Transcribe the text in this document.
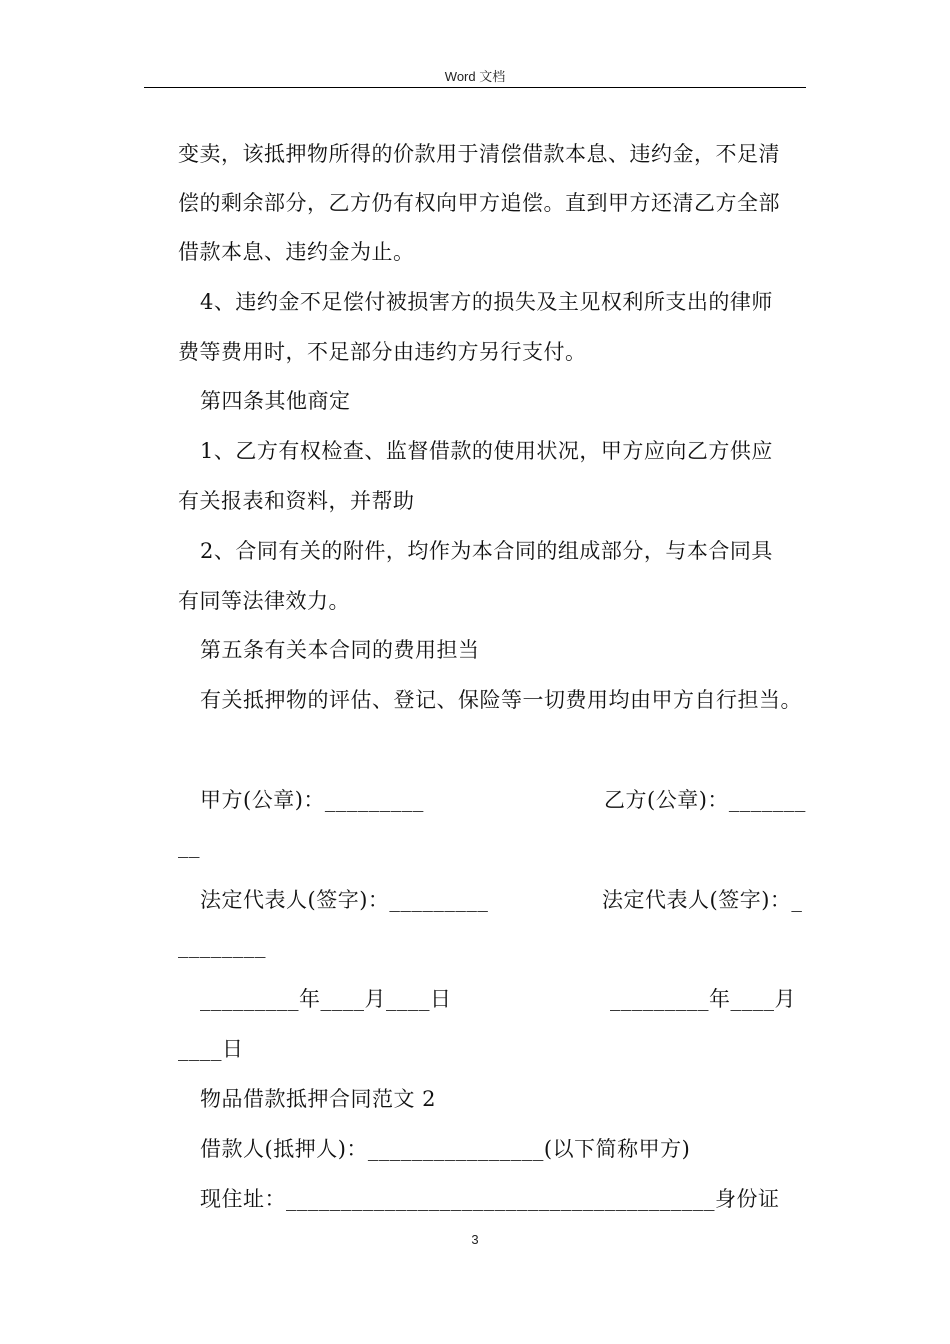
Word 文档
变卖，该抵押物所得的价款用于清偿借款本息、违约金，不足清
偿的剩余部分，乙方仍有权向甲方追偿。直到甲方还清乙方全部
借款本息、违约金为止。
4、违约金不足偿付被损害方的损失及主见权利所支出的律师
费等费用时，不足部分由违约方另行支付。
第四条其他商定
1、乙方有权检查、监督借款的使用状况，甲方应向乙方供应
有关报表和资料，并帮助
2、合同有关的附件，均作为本合同的组成部分，与本合同具
有同等法律效力。
第五条有关本合同的费用担当
有关抵押物的评估、登记、保险等一切费用均由甲方自行担当。
甲方(公章)：_________	乙方(公章)：_______
__
法定代表人(签字)：_________	法定代表人(签字)：_
________
_________年____月____日	_________年____月
____日
物品借款抵押合同范文 2
借款人(抵押人)：________________(以下简称甲方)
现住址：_______________________________________身份证
3
